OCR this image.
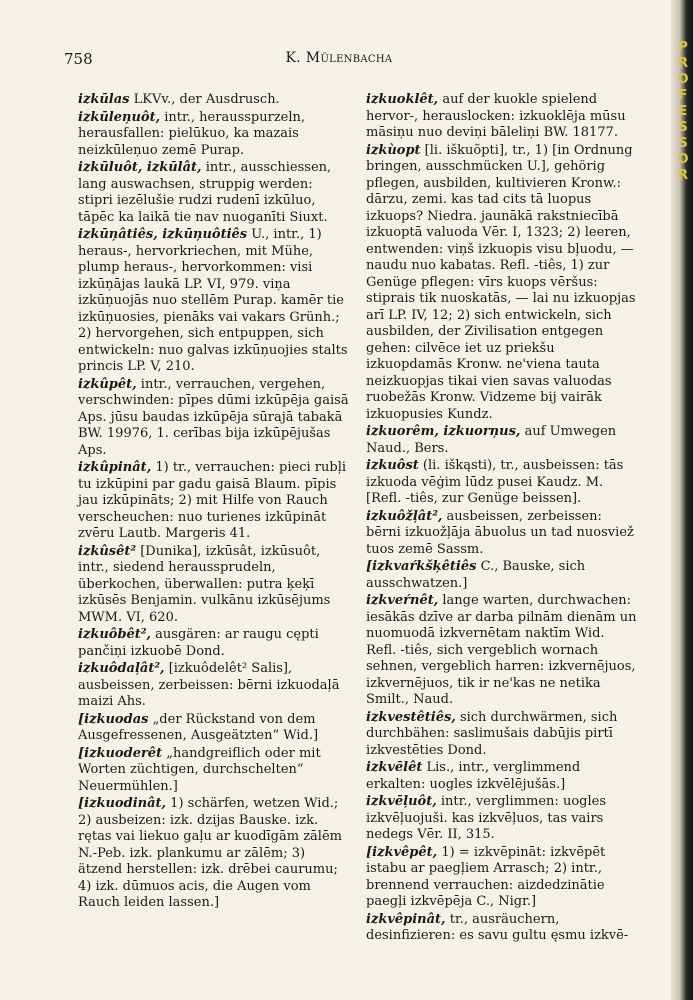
758	K. Mülenbacha

izkūlas LKVv., der Ausdrusch.

izkūleņuôt, intr., herausspurzeln, herausfallen: pielūkuo, ka mazais neizkūleņuo zemē Purap.

izkūluôt, izkūlât, intr., ausschiessen, lang auswachsen, struppig werden: stipri iezēlušie rudzi rudenī izkūluo, tāpēc ka laikā tie nav nuoganīti Siuxt.

izkūņâtiês, izkūņuôtiês U., intr., 1) heraus-, hervorkriechen, mit Mühe, plump heraus-, hervorkommen: visi izkūņājas laukā LP. VI, 979. viņa izkūņuojās nuo stellēm Purap. kamēr tie izkūņuosies, pienāks vai vakars Grünh.; 2) hervorgehen, sich entpuppen, sich entwickeln: nuo galvas izkūņuojies stalts princis LP. V, 210.

izkûpêt, intr., verrauchen, vergehen, verschwinden: pīpes dūmi izkūpēja gaisā Aps. jūsu baudas izkūpēja sūrajā tabakā BW. 19976, 1. cerības bija izkūpējušas Aps.

izkûpinât, 1) tr., verrauchen: pieci rubļi tu izkūpini par gadu gaisā Blaum. pīpis jau izkūpināts; 2) mit Hilfe von Rauch verscheuchen: nuo turienes izkūpināt zvēru Lautb. Margeris 41.

izkûsêt² [Dunika], izkūsât, izkūsuôt, intr., siedend heraussprudeln, überkochen, überwallen: putra ķeķī izkūsēs Benjamin. vulkānu izkūsējums MWM. VI, 620.

izkuôbêt², ausgären: ar raugu cępti pančiņi izkuobē Dond.

izkuôdaļât², [izkuôdelêt² Salis], ausbeissen, zerbeissen: bērni izkuodaļā maizi Ahs.

[izkuodas „der Rückstand von dem Ausgefressenen, Ausgeätzten“ Wid.]

[izkuoderêt „handgreiflich oder mit Worten züchtigen, durchschelten“ Neuermühlen.]

[izkuodinât, 1) schärfen, wetzen Wid.; 2) ausbeizen: izk. dzijas Bauske. izk. rętas vai liekuo gaļu ar kuodīgām zālēm N.-Peb. izk. plankumu ar zālēm; 3) ätzend herstellen: izk. drēbei caurumu; 4) izk. dūmuos acis, die Augen vom Rauch leiden lassen.]

izkuoklêt, auf der kuokle spielend hervor-, herauslocken: izkuoklēja mūsu māsiņu nuo deviņi bāleliņi BW. 18177.

izkùopt [li. iškuõpti], tr., 1) [in Ordnung bringen, ausschmücken U.], gehörig pflegen, ausbilden, kultivieren Kronw.: dārzu, zemi. kas tad cits tā luopus izkuops? Niedra. jaunākā rakstniecībā izkuoptā valuoda Vēr. I, 1323; 2) leeren, entwenden: viņš izkuopis visu bļuodu, — naudu nuo kabatas. Refl. -tiês, 1) zur Genüge pflegen: vīrs kuops vēršus: stiprais tik nuoskatās, — lai nu izkuopjas arī LP. IV, 12; 2) sich entwickeln, sich ausbilden, der Zivilisation entgegen gehen: cilvēce iet uz priekšu izkuopdamās Kronw. ne'viena tauta neizkuopjas tikai vien savas valuodas ruobežās Kronw. Vidzeme bij vairāk izkuopusies Kundz.

izkuorêm, izkuorņus, auf Umwegen Naud., Bers.

izkuôst (li. iškąsti), tr., ausbeissen: tās izkuoda vēģim lūdz pusei Kaudz. M. [Refl. -tiês, zur Genüge beissen].

izkuôžļât², ausbeissen, zerbeissen: bērni izkuožļāja ābuolus un tad nuosviež tuos zemē Sassm.

[izkvaŕkšķêtiês C., Bauske, sich ausschwatzen.]

izkveŕnêt, lange warten, durchwachen: iesākās dzīve ar darba pilnām dienām un nuomuodā izkvernētam naktīm Wid. Refl. -tiês, sich vergeblich wornach sehnen, vergeblich harren: izkvernējuos, izkvernējuos, tik ir ne'kas ne netika Smilt., Naud.

izkvestêtiês, sich durchwärmen, sich durchbähen: saslimušais dabūjis pirtī izkvestēties Dond.

izkvēlêt Lis., intr., verglimmend erkalten: uogles izkvēlējušās.]

izkvēļuôt, intr., verglimmen: uogles izkvēļuojuši. kas izkvēļuos, tas vairs nedegs Vēr. II, 315.

[izkvêpêt, 1) = izkvēpināt: izkvēpēt istabu ar paegļiem Arrasch; 2) intr., brennend verrauchen: aizdedzinātie paegļi izkvēpēja C., Nigr.]

izkvêpinât, tr., ausräuchern, desinfizieren: es savu gultu ęsmu izkvē-

P R O F E S S O R
